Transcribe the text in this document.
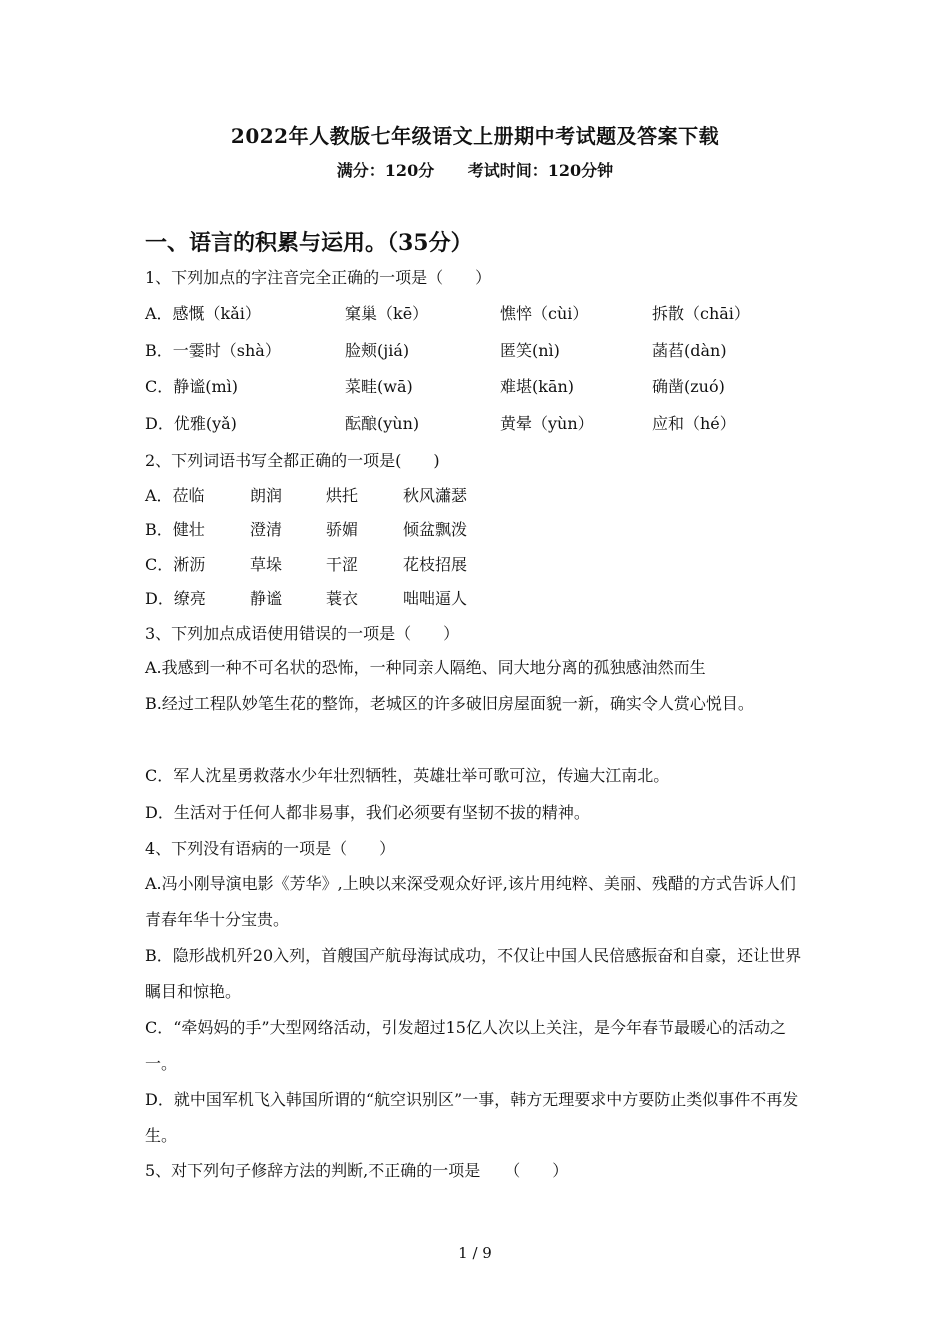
2022年人教版七年级语文上册期中考试题及答案下载
满分：120分 考试时间：120分钟
一、语言的积累与运用。（35分）
1、下列加点的字注音完全正确的一项是（　　）
A．感慨（kǎi）	窠巢（kē）	憔悴（cùi）	拆散（chāi）
B．一霎时（shà）	脸颊(jiá)	匿笑(nì)	菡萏(dàn)
C．静谧(mì)	菜畦(wā)	难堪(kān)	确凿(zuó)
D．优雅(yǎ)	酝酿(yùn)	黄晕（yùn）	应和（hé）
2、下列词语书写全都正确的一项是(　　)
A．莅临	朗润	烘托	秋风瀟瑟
B．健壮	澄清	骄媚	倾盆飘泼
C．淅沥	草垛	干涩	花枝招展
D．缭亮	静谧	蓑衣	咄咄逼人
3、下列加点成语使用错误的一项是（　　）
A.我感到一种不可名状的恐怖，一种同亲人隔绝、同大地分离的孤独感油然而生
B.经过工程队妙笔生花的整饰，老城区的许多破旧房屋面貌一新，确实令人赏心悦目。
C．军人沈星勇救落水少年壮烈牺牲，英雄壮举可歌可泣，传遍大江南北。
D．生活对于任何人都非易事，我们必须要有坚韧不拔的精神。
4、下列没有语病的一项是（　　）
A.冯小刚导演电影《芳华》,上映以来深受观众好评,该片用纯粹、美丽、残醋的方式告诉人们青春年华十分宝贵。
B．隐形战机歼20入列，首艘国产航母海试成功，不仅让中国人民倍感振奋和自豪，还让世界瞩目和惊艳。
C．“牵妈妈的手”大型网络活动，引发超过15亿人次以上关注，是今年春节最暖心的活动之一。
D．就中国军机飞入韩国所谓的“航空识别区”一事，韩方无理要求中方要防止类似事件不再发生。
5、对下列句子修辞方法的判断,不正确的一项是　　（　　）
1 / 9
